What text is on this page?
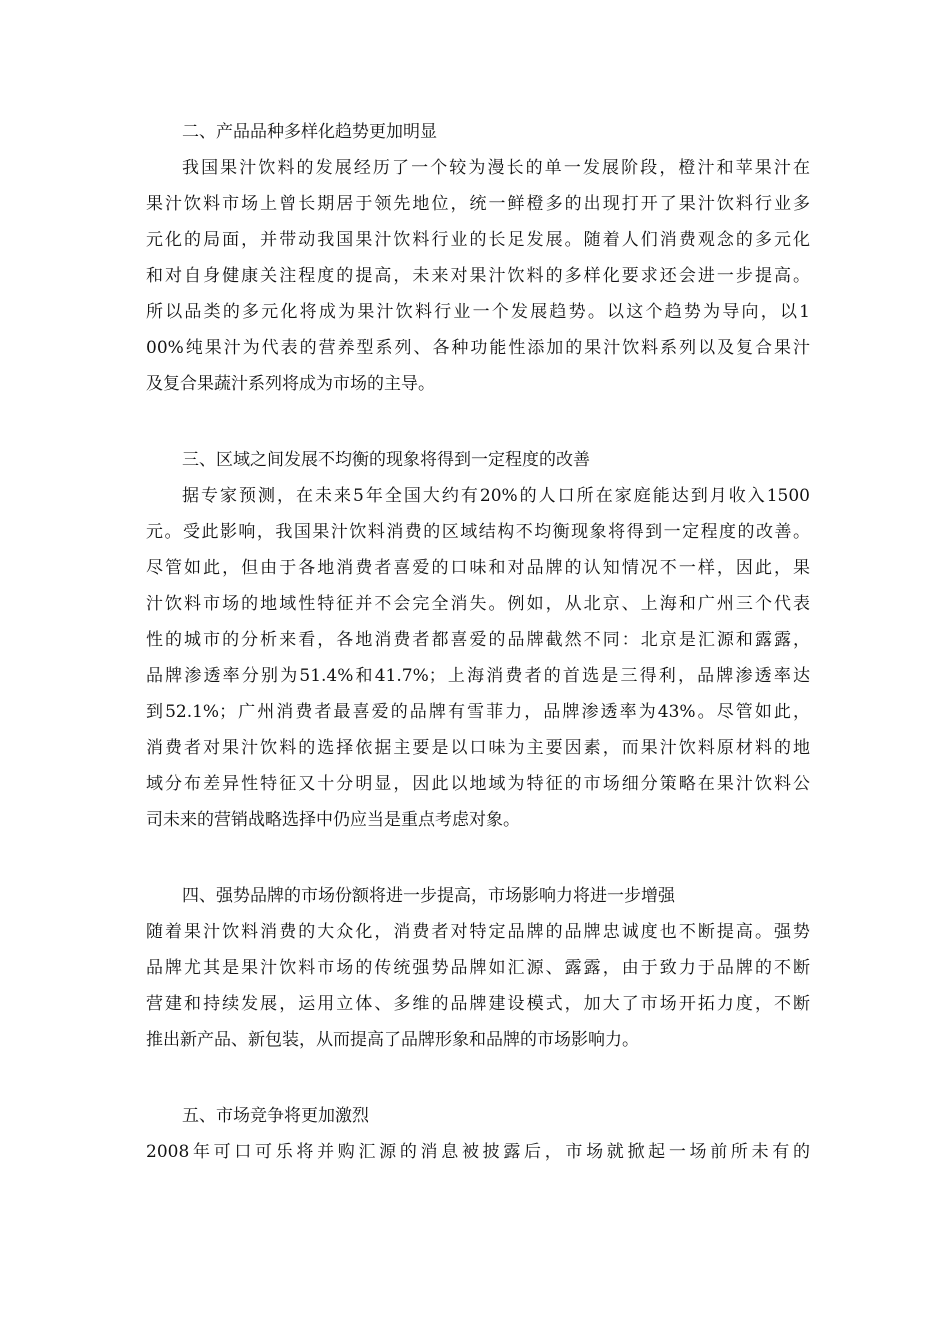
二、产品品种多样化趋势更加明显
我国果汁饮料的发展经历了一个较为漫长的单一发展阶段，橙汁和苹果汁在
果汁饮料市场上曾长期居于领先地位，统一鲜橙多的出现打开了果汁饮料行业多
元化的局面，并带动我国果汁饮料行业的长足发展。随着人们消费观念的多元化
和对自身健康关注程度的提高，未来对果汁饮料的多样化要求还会进一步提高。
所以品类的多元化将成为果汁饮料行业一个发展趋势。以这个趋势为导向，以1
00%纯果汁为代表的营养型系列、各种功能性添加的果汁饮料系列以及复合果汁
及复合果蔬汁系列将成为市场的主导。
三、区域之间发展不均衡的现象将得到一定程度的改善
据专家预测，在未来5年全国大约有20%的人口所在家庭能达到月收入1500
元。受此影响，我国果汁饮料消费的区域结构不均衡现象将得到一定程度的改善。
尽管如此，但由于各地消费者喜爱的口味和对品牌的认知情况不一样，因此，果
汁饮料市场的地域性特征并不会完全消失。例如，从北京、上海和广州三个代表
性的城市的分析来看，各地消费者都喜爱的品牌截然不同：北京是汇源和露露，
品牌渗透率分别为51.4%和41.7%；上海消费者的首选是三得利，品牌渗透率达
到52.1%；广州消费者最喜爱的品牌有雪菲力，品牌渗透率为43%。尽管如此，
消费者对果汁饮料的选择依据主要是以口味为主要因素，而果汁饮料原材料的地
域分布差异性特征又十分明显，因此以地域为特征的市场细分策略在果汁饮料公
司未来的营销战略选择中仍应当是重点考虑对象。
四、强势品牌的市场份额将进一步提高，市场影响力将进一步增强
随着果汁饮料消费的大众化，消费者对特定品牌的品牌忠诚度也不断提高。强势
品牌尤其是果汁饮料市场的传统强势品牌如汇源、露露，由于致力于品牌的不断
营建和持续发展，运用立体、多维的品牌建设模式，加大了市场开拓力度，不断
推出新产品、新包装，从而提高了品牌形象和品牌的市场影响力。
五、市场竞争将更加激烈
2008年可口可乐将并购汇源的消息被披露后，市场就掀起一场前所未有的
